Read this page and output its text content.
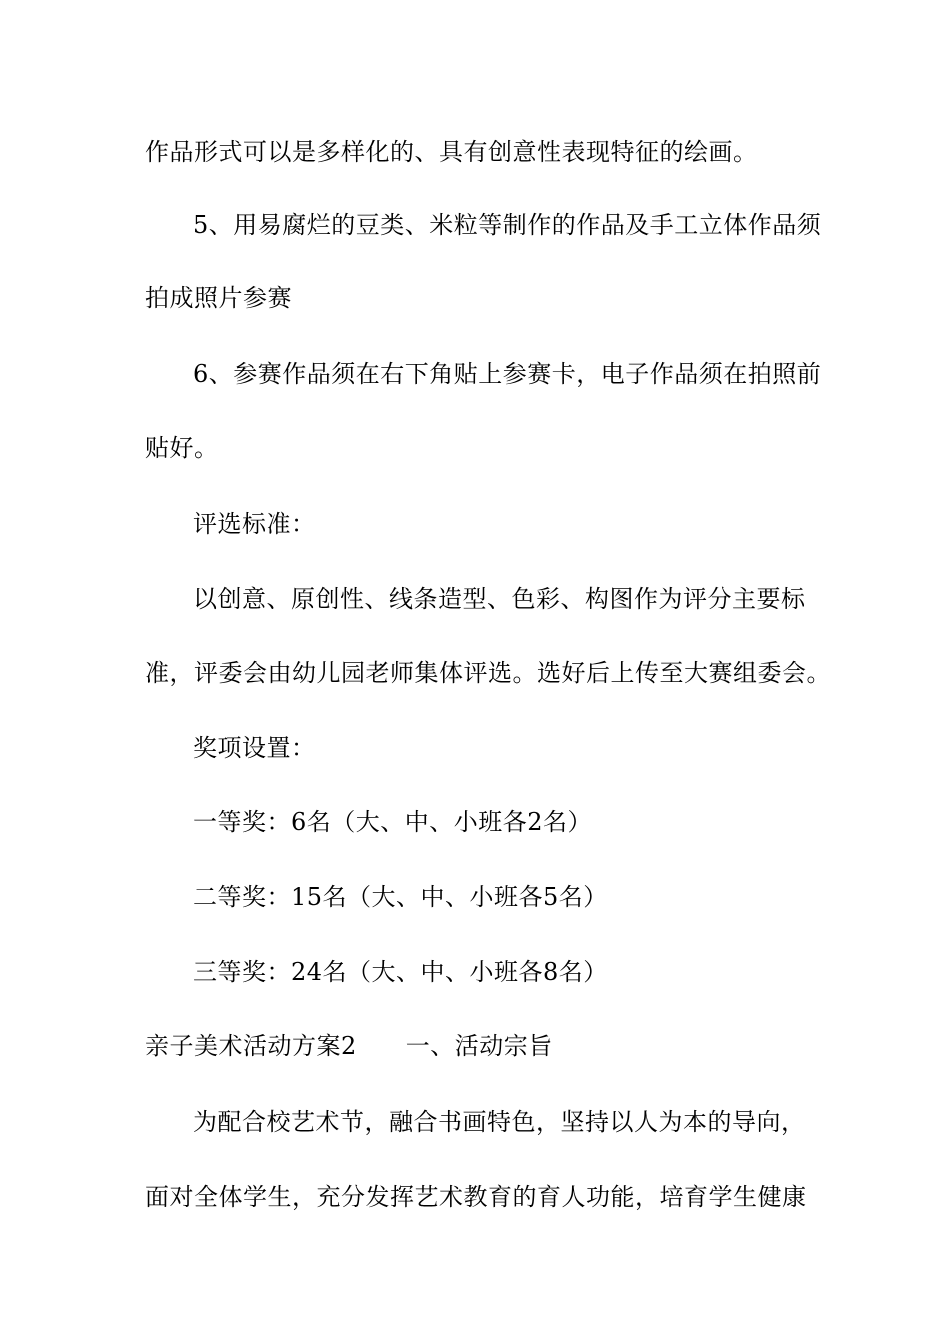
作品形式可以是多样化的、具有创意性表现特征的绘画。
5、用易腐烂的豆类、米粒等制作的作品及手工立体作品须
拍成照片参赛
6、参赛作品须在右下角贴上参赛卡，电子作品须在拍照前
贴好。
评选标准：
以创意、原创性、线条造型、色彩、构图作为评分主要标
准，评委会由幼儿园老师集体评选。选好后上传至大赛组委会。
奖项设置：
一等奖：6名（大、中、小班各2名）
二等奖：15名（大、中、小班各5名）
三等奖：24名（大、中、小班各8名）
亲子美术活动方案2　　一、活动宗旨
为配合校艺术节，融合书画特色，坚持以人为本的导向，
面对全体学生，充分发挥艺术教育的育人功能，培育学生健康
